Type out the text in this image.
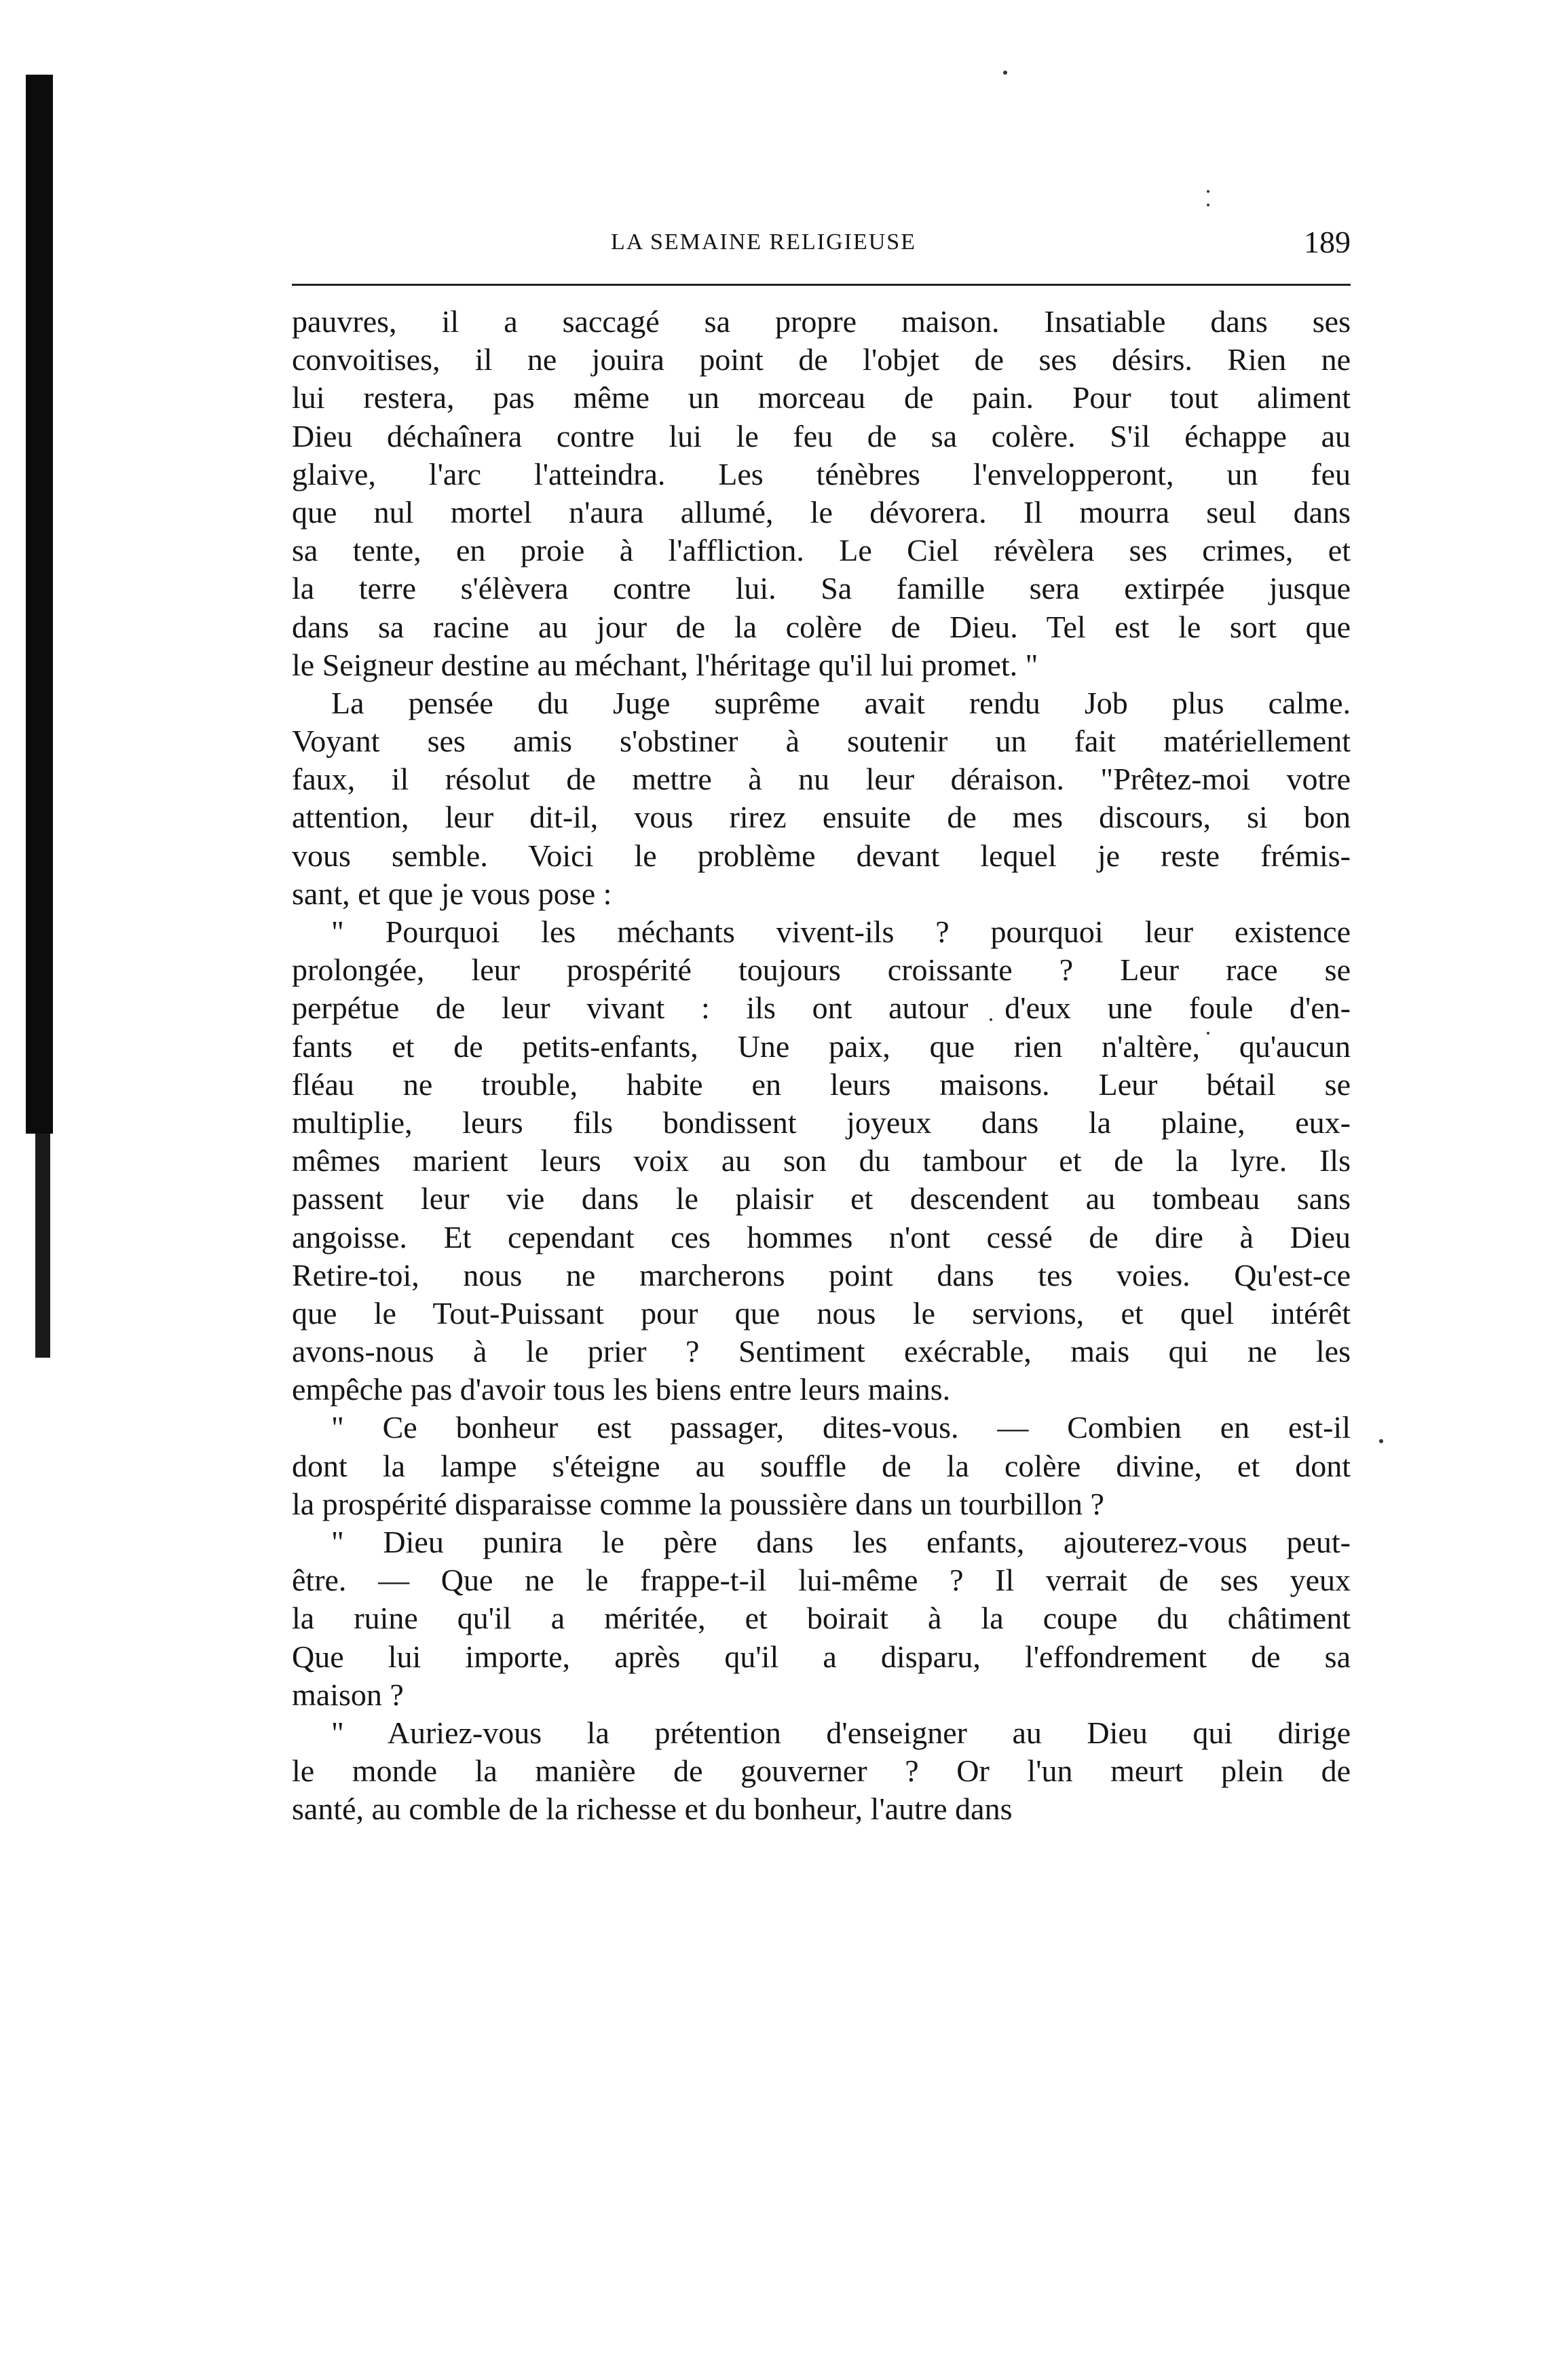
LA SEMAINE RELIGIEUSE	189
pauvres, il a saccagé sa propre maison. Insatiable dans ses
convoitises, il ne jouira point de l'objet de ses désirs. Rien ne
lui restera, pas même un morceau de pain. Pour tout aliment
Dieu déchaînera contre lui le feu de sa colère. S'il échappe au
glaive, l'arc l'atteindra. Les ténèbres l'envelopperont, un feu
que nul mortel n'aura allumé, le dévorera. Il mourra seul dans
sa tente, en proie à l'affliction. Le Ciel révèlera ses crimes, et
la terre s'élèvera contre lui. Sa famille sera extirpée jusque
dans sa racine au jour de la colère de Dieu. Tel est le sort que
le Seigneur destine au méchant, l'héritage qu'il lui promet. "
La pensée du Juge suprême avait rendu Job plus calme.
Voyant ses amis s'obstiner à soutenir un fait matériellement
faux, il résolut de mettre à nu leur déraison. "Prêtez-moi votre
attention, leur dit-il, vous rirez ensuite de mes discours, si bon
vous semble. Voici le problème devant lequel je reste frémis-
sant, et que je vous pose :
" Pourquoi les méchants vivent-ils ? pourquoi leur existence
prolongée, leur prospérité toujours croissante ? Leur race se
perpétue de leur vivant : ils ont autour d'eux une foule d'en-
fants et de petits-enfants, Une paix, que rien n'altère, qu'aucun
fléau ne trouble, habite en leurs maisons. Leur bétail se
multiplie, leurs fils bondissent joyeux dans la plaine, eux-
mêmes marient leurs voix au son du tambour et de la lyre. Ils
passent leur vie dans le plaisir et descendent au tombeau sans
angoisse. Et cependant ces hommes n'ont cessé de dire à Dieu
Retire-toi, nous ne marcherons point dans tes voies. Qu'est-ce
que le Tout-Puissant pour que nous le servions, et quel intérêt
avons-nous à le prier ? Sentiment exécrable, mais qui ne les
empêche pas d'avoir tous les biens entre leurs mains.
" Ce bonheur est passager, dites-vous. — Combien en est-il
dont la lampe s'éteigne au souffle de la colère divine, et dont
la prospérité disparaisse comme la poussière dans un tourbillon ?
" Dieu punira le père dans les enfants, ajouterez-vous peut-
être. — Que ne le frappe-t-il lui-même ? Il verrait de ses yeux
la ruine qu'il a méritée, et boirait à la coupe du châtiment
Que lui importe, après qu'il a disparu, l'effondrement de sa
maison ?
" Auriez-vous la prétention d'enseigner au Dieu qui dirige
le monde la manière de gouverner ? Or l'un meurt plein de
santé, au comble de la richesse et du bonheur, l'autre dans
